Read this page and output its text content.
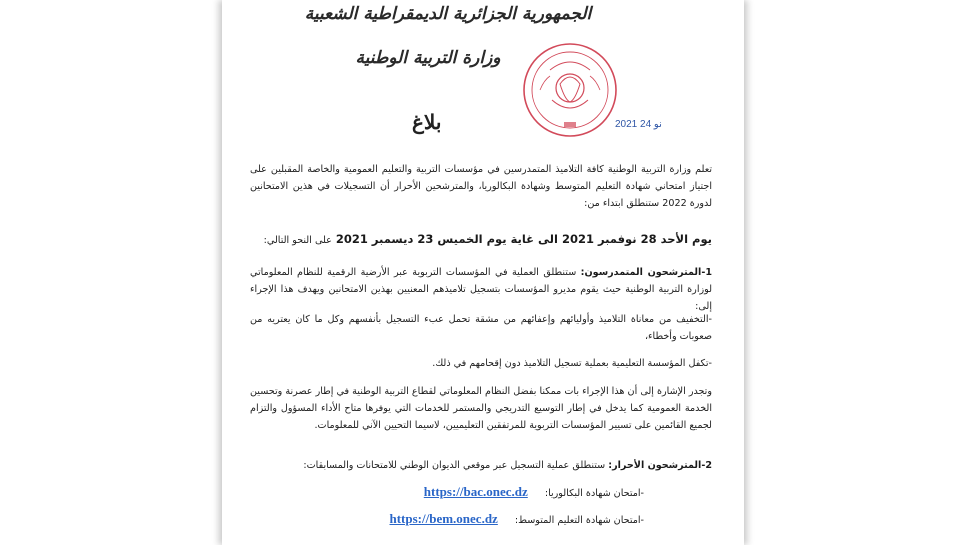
الجمهورية الجزائرية الديمقراطية الشعبية
وزارة التربية الوطنية
2021 نو 24
بلاغ
تعلم وزارة التربية الوطنية كافة التلاميذ المتمدرسين في مؤسسات التربية والتعليم العمومية والخاصة المقبلين على اجتياز امتحاني شهادة التعليم المتوسط وشهادة البكالوريا، والمترشحين الأحرار أن التسجيلات في هذين الامتحانين لدورة 2022 ستنطلق ابتداء من:
يوم الأحد 28 نوفمبر 2021 الى غاية يوم الخميس 23 ديسمبر 2021 على النحو التالي:
1-المترشحون المتمدرسون: ستنطلق العملية في المؤسسات التربوية عبر الأرضية الرقمية للنظام المعلوماتي لوزارة التربية الوطنية حيث يقوم مديرو المؤسسات بتسجيل تلاميذهم المعنيين بهذين الامتحانين ويهدف هذا الإجراء إلى:
-التخفيف من معاناة التلاميذ وأوليائهم وإعفائهم من مشقة تحمل عبء التسجيل بأنفسهم وكل ما كان يعتريه من صعوبات وأخطاء،
-تكفل المؤسسة التعليمية بعملية تسجيل التلاميذ دون إقحامهم في ذلك.
وتجدر الإشارة إلى أن هذا الإجراء بات ممكنا بفضل النظام المعلوماتي لقطاع التربية الوطنية في إطار عصرنة وتحسين الخدمة العمومية كما يدخل في إطار التوسيع التدريجي والمستمر للخدمات التي يوفرها متاح الأداء المسؤول والتزام لجميع القائمين على تسيير المؤسسات التربوية للمرتفقين التعليميين، لاسيما التحيين الآني للمعلومات.
2-المترشحون الأحرار: ستنطلق عملية التسجيل عبر موقعي الديوان الوطني للامتحانات والمسابقات:
-امتحان شهادة البكالوريا: https://bac.onec.dz
-امتحان شهادة التعليم المتوسط: https://bem.onec.dz
